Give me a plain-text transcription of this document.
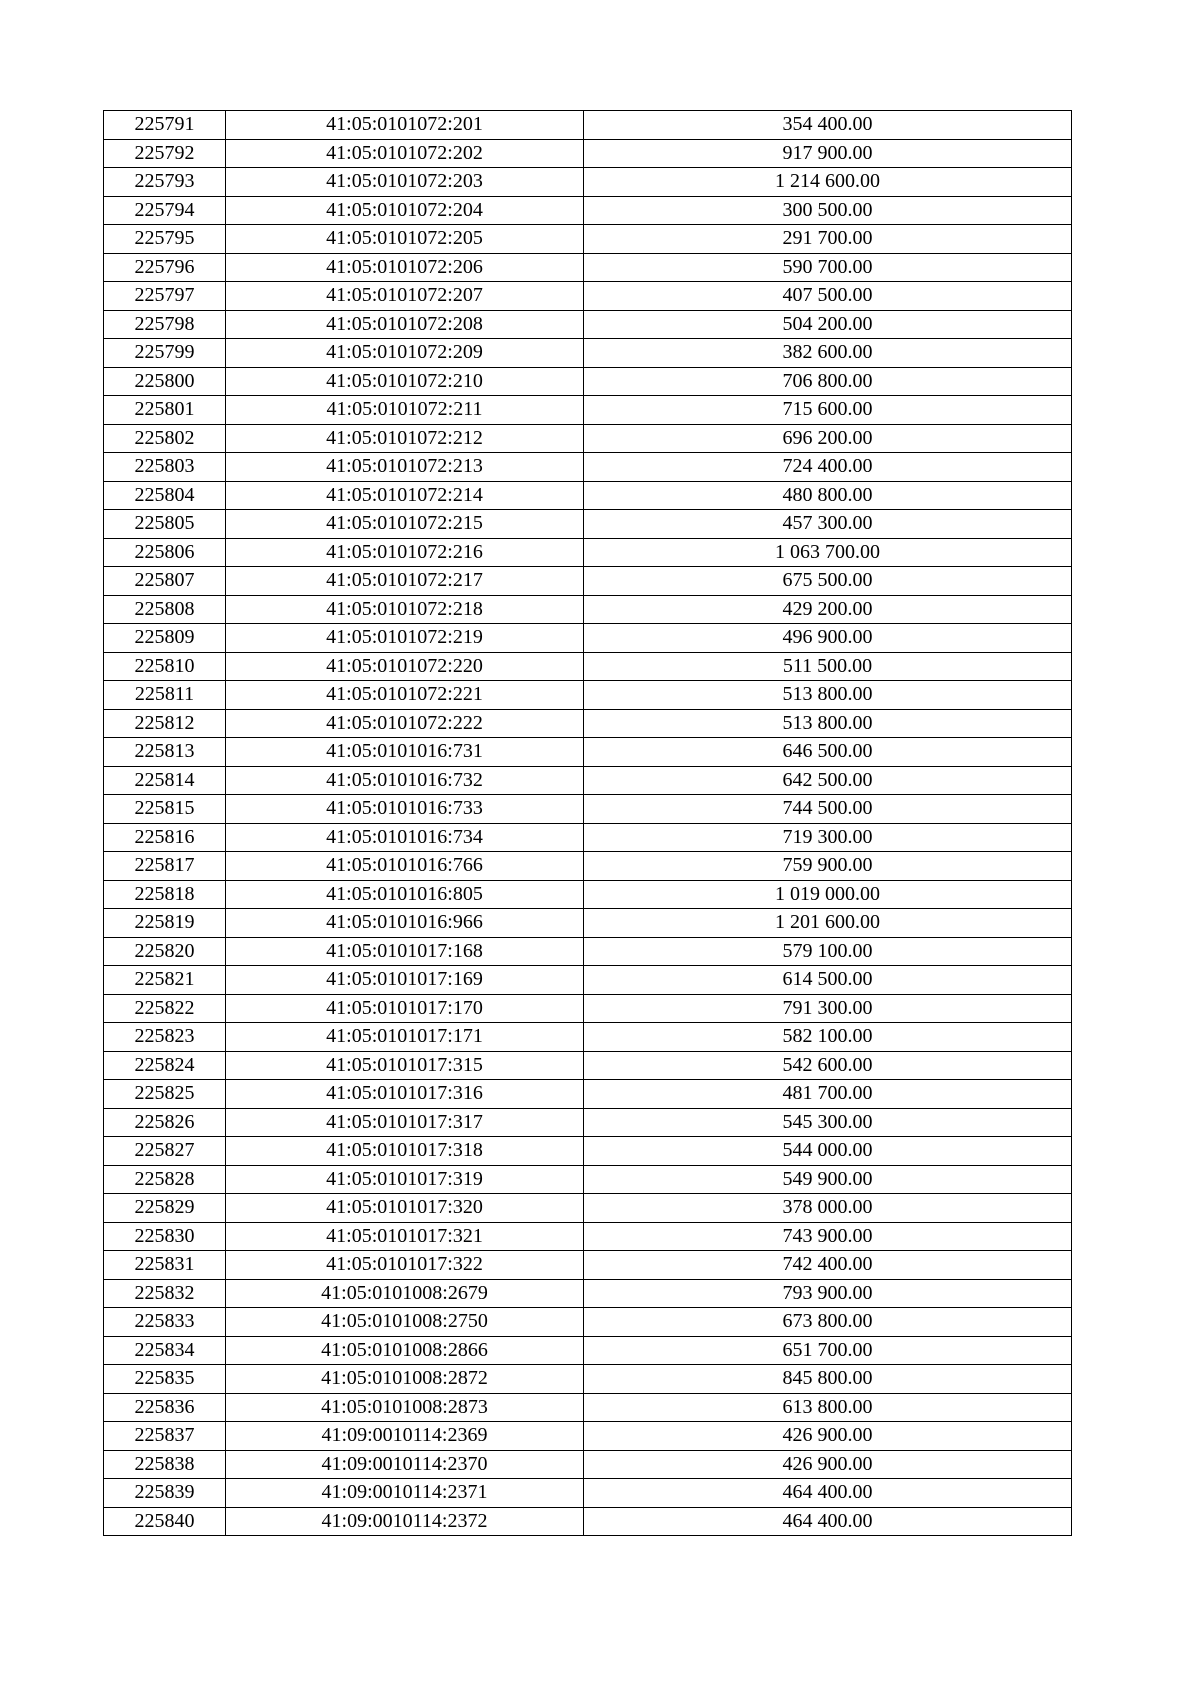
225791	41:05:0101072:201	354 400.00
225792	41:05:0101072:202	917 900.00
225793	41:05:0101072:203	1 214 600.00
225794	41:05:0101072:204	300 500.00
225795	41:05:0101072:205	291 700.00
225796	41:05:0101072:206	590 700.00
225797	41:05:0101072:207	407 500.00
225798	41:05:0101072:208	504 200.00
225799	41:05:0101072:209	382 600.00
225800	41:05:0101072:210	706 800.00
225801	41:05:0101072:211	715 600.00
225802	41:05:0101072:212	696 200.00
225803	41:05:0101072:213	724 400.00
225804	41:05:0101072:214	480 800.00
225805	41:05:0101072:215	457 300.00
225806	41:05:0101072:216	1 063 700.00
225807	41:05:0101072:217	675 500.00
225808	41:05:0101072:218	429 200.00
225809	41:05:0101072:219	496 900.00
225810	41:05:0101072:220	511 500.00
225811	41:05:0101072:221	513 800.00
225812	41:05:0101072:222	513 800.00
225813	41:05:0101016:731	646 500.00
225814	41:05:0101016:732	642 500.00
225815	41:05:0101016:733	744 500.00
225816	41:05:0101016:734	719 300.00
225817	41:05:0101016:766	759 900.00
225818	41:05:0101016:805	1 019 000.00
225819	41:05:0101016:966	1 201 600.00
225820	41:05:0101017:168	579 100.00
225821	41:05:0101017:169	614 500.00
225822	41:05:0101017:170	791 300.00
225823	41:05:0101017:171	582 100.00
225824	41:05:0101017:315	542 600.00
225825	41:05:0101017:316	481 700.00
225826	41:05:0101017:317	545 300.00
225827	41:05:0101017:318	544 000.00
225828	41:05:0101017:319	549 900.00
225829	41:05:0101017:320	378 000.00
225830	41:05:0101017:321	743 900.00
225831	41:05:0101017:322	742 400.00
225832	41:05:0101008:2679	793 900.00
225833	41:05:0101008:2750	673 800.00
225834	41:05:0101008:2866	651 700.00
225835	41:05:0101008:2872	845 800.00
225836	41:05:0101008:2873	613 800.00
225837	41:09:0010114:2369	426 900.00
225838	41:09:0010114:2370	426 900.00
225839	41:09:0010114:2371	464 400.00
225840	41:09:0010114:2372	464 400.00
